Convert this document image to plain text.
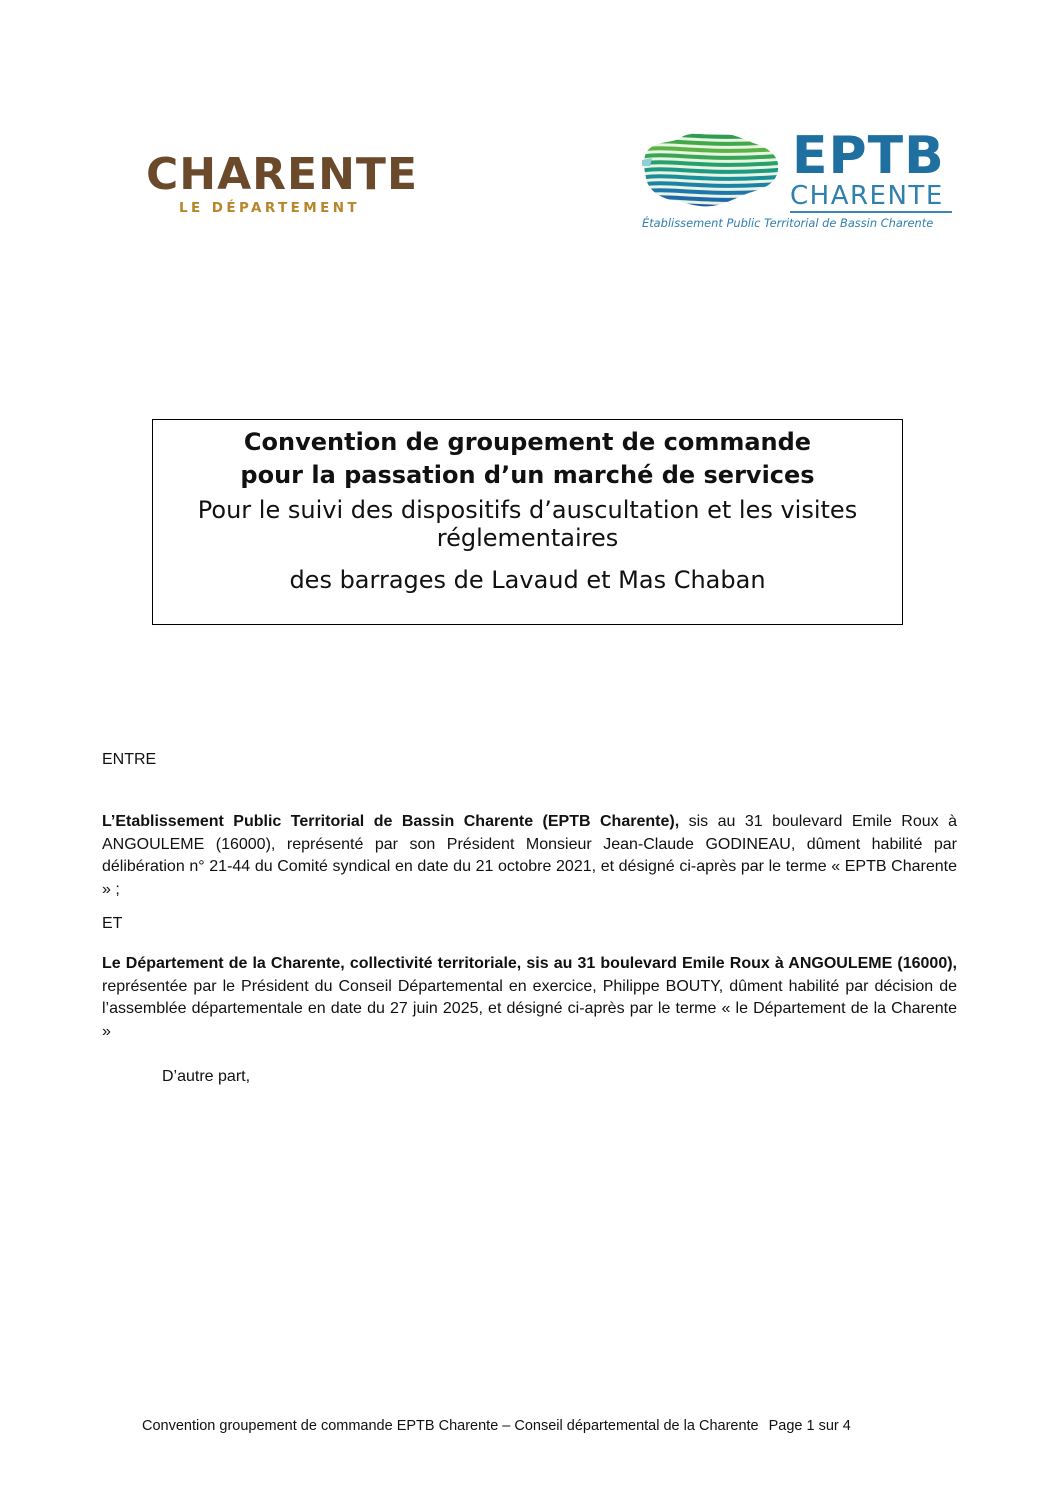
CHARENTE
LE DÉPARTEMENT
EPTB
CHARENTE
Établissement Public Territorial de Bassin Charente
Convention de groupement de commande
pour la passation d’un marché de services
Pour le suivi des dispositifs d’auscultation et les visites réglementaires
des barrages de Lavaud et Mas Chaban
ENTRE
L’Etablissement Public Territorial de Bassin Charente (EPTB Charente), sis au 31 boulevard Emile Roux à ANGOULEME (16000), représenté par son Président Monsieur Jean-Claude GODINEAU, dûment habilité par délibération n° 21-44 du Comité syndical en date du 21 octobre 2021, et désigné ci-après par le terme « EPTB Charente » ;
ET
Le Département de la Charente, collectivité territoriale, sis au 31 boulevard Emile Roux à ANGOULEME (16000), représentée par le Président du Conseil Départemental en exercice, Philippe BOUTY, dûment habilité par décision de l’assemblée départementale en date du 27 juin 2025, et désigné ci-après par le terme « le Département de la Charente »
D’autre part,
Convention groupement de commande EPTB Charente – Conseil départemental de la Charente Page 1 sur 4
